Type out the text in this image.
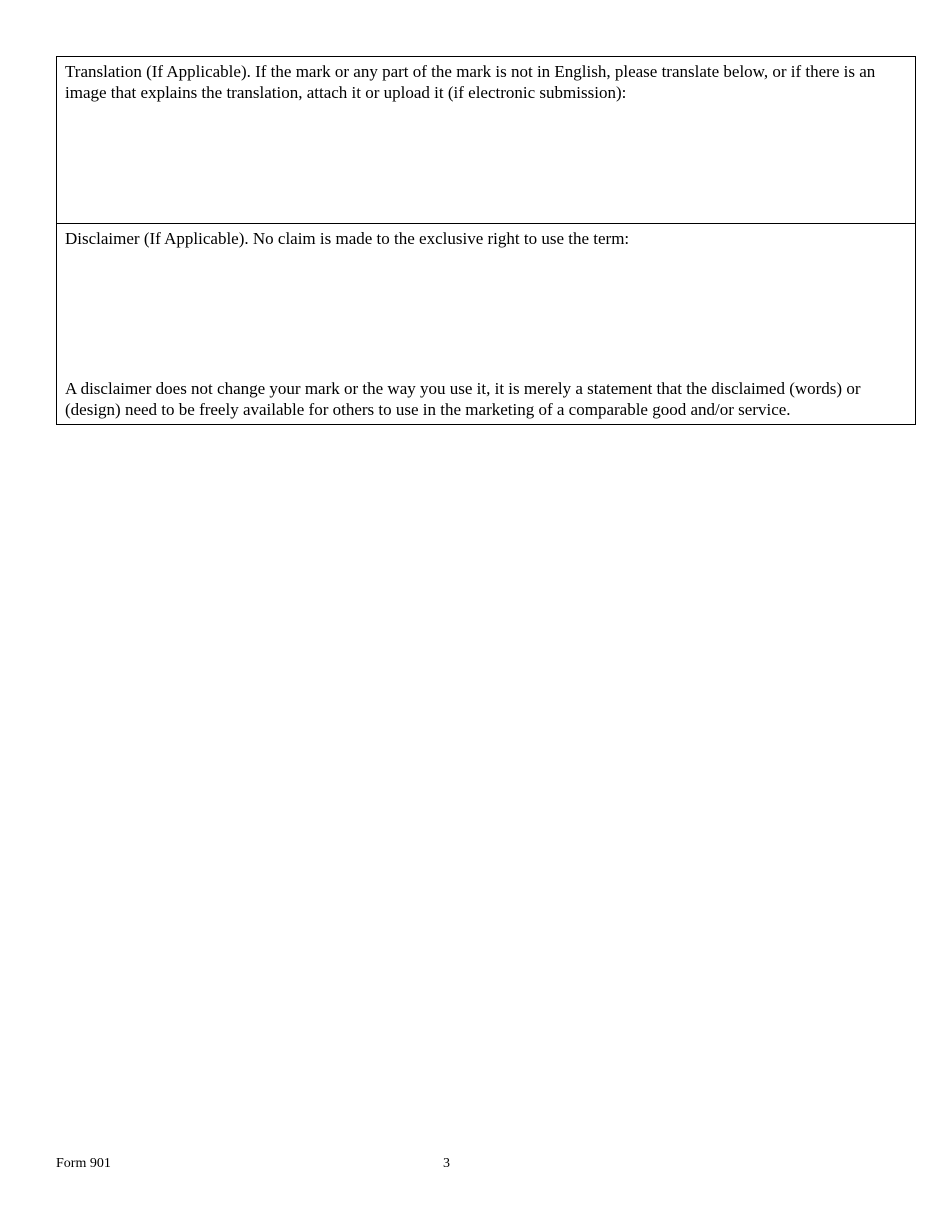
Translation (If Applicable). If the mark or any part of the mark is not in English, please translate below, or if there is an image that explains the translation, attach it or upload it (if electronic submission):
Disclaimer (If Applicable). No claim is made to the exclusive right to use the term:
A disclaimer does not change your mark or the way you use it, it is merely a statement that the disclaimed (words) or (design) need to be freely available for others to use in the marketing of a comparable good and/or service.
Form 901	3
